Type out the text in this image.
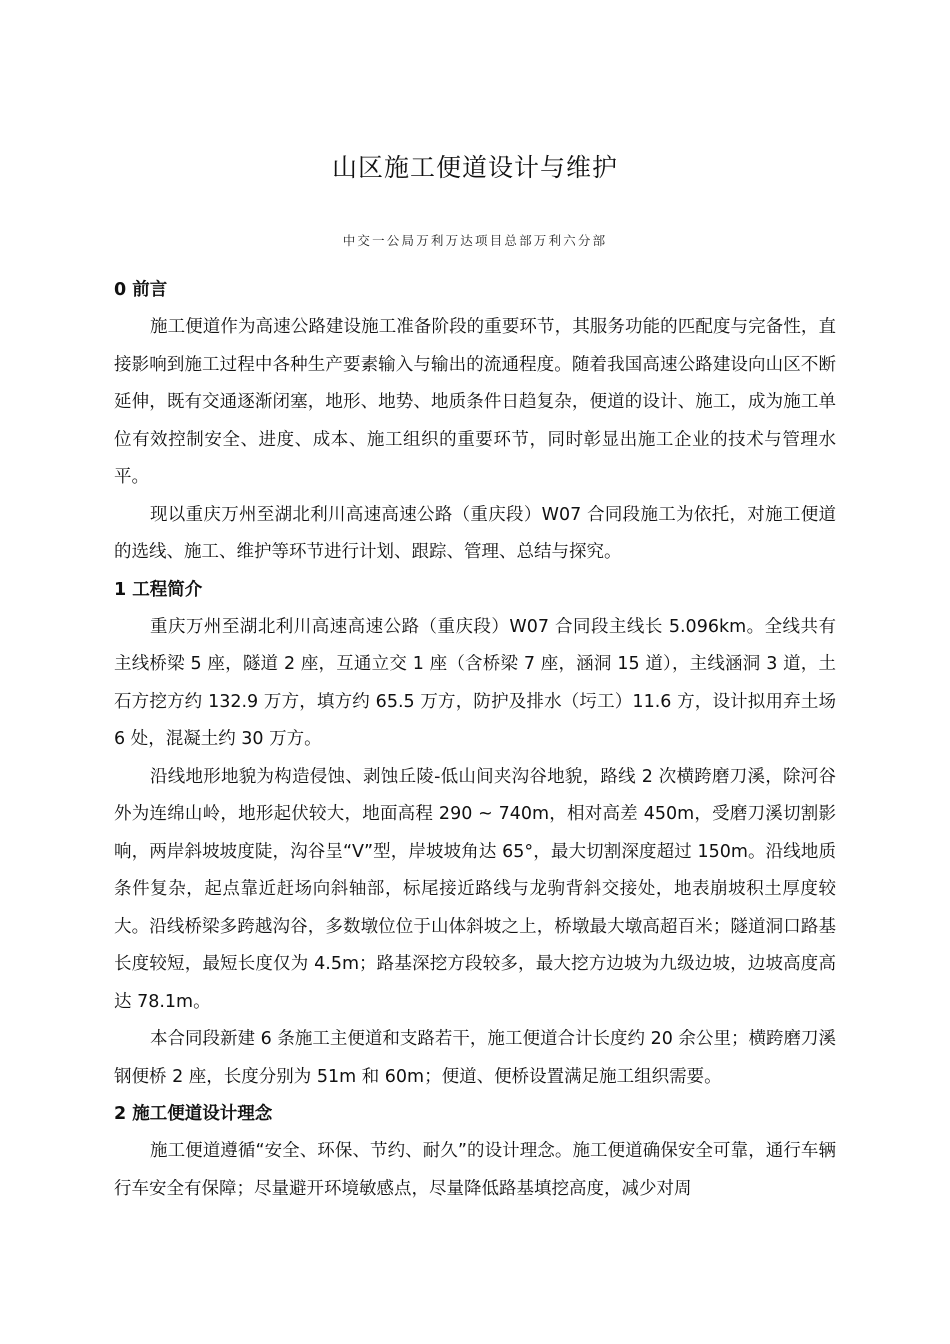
山区施工便道设计与维护
中交一公局万利万达项目总部万利六分部
0 前言

施工便道作为高速公路建设施工准备阶段的重要环节，其服务功能的匹配度与完备性，直接影响到施工过程中各种生产要素输入与输出的流通程度。随着我国高速公路建设向山区不断延伸，既有交通逐渐闭塞，地形、地势、地质条件日趋复杂，便道的设计、施工，成为施工单位有效控制安全、进度、成本、施工组织的重要环节，同时彰显出施工企业的技术与管理水平。

现以重庆万州至湖北利川高速高速公路（重庆段）W07 合同段施工为依托，对施工便道的选线、施工、维护等环节进行计划、跟踪、管理、总结与探究。

1 工程简介

重庆万州至湖北利川高速高速公路（重庆段）W07 合同段主线长 5.096km。全线共有主线桥梁 5 座，隧道 2 座，互通立交 1 座（含桥梁 7 座，涵洞 15 道），主线涵洞 3 道，土石方挖方约 132.9 万方，填方约 65.5 万方，防护及排水（圬工）11.6 方，设计拟用弃土场 6 处，混凝土约 30 万方。

沿线地形地貌为构造侵蚀、剥蚀丘陵-低山间夹沟谷地貌，路线 2 次横跨磨刀溪，除河谷外为连绵山岭，地形起伏较大，地面高程 290 ~ 740m，相对高差 450m，受磨刀溪切割影响，两岸斜坡坡度陡，沟谷呈“V”型，岸坡坡角达 65°，最大切割深度超过 150m。沿线地质条件复杂，起点靠近赶场向斜轴部，标尾接近路线与龙驹背斜交接处，地表崩坡积土厚度较大。沿线桥梁多跨越沟谷，多数墩位位于山体斜坡之上，桥墩最大墩高超百米；隧道洞口路基长度较短，最短长度仅为 4.5m；路基深挖方段较多，最大挖方边坡为九级边坡，边坡高度高达 78.1m。

本合同段新建 6 条施工主便道和支路若干，施工便道合计长度约 20 余公里；横跨磨刀溪钢便桥 2 座，长度分别为 51m 和 60m；便道、便桥设置满足施工组织需要。

2 施工便道设计理念

施工便道遵循“安全、环保、节约、耐久”的设计理念。施工便道确保安全可靠，通行车辆行车安全有保障；尽量避开环境敏感点，尽量降低路基填挖高度，减少对周
